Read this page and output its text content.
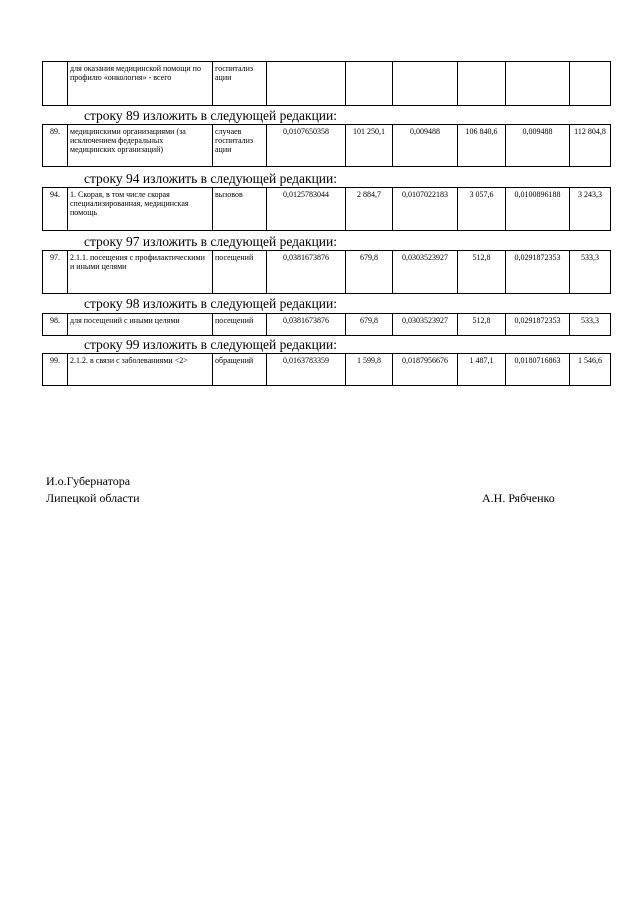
	для оказания медицинской помощи по профилю «онкология» - всего	госпитализ ации						
строку 89 изложить в следующей редакции:
89.	медицинскими организациями (за исключением федеральных медицинских организаций)	случаев госпитализ ации	0,0107650358	101 250,1	0,009488	106 840,6	0,009488	112 804,8
строку 94 изложить в следующей редакции:
94.	1. Скорая, в том числе скорая специализированная, медицинская помощь	вызовов	0,0125783044	2 884,7	0,0107022183	3 057,6	0,0100896188	3 243,3
строку 97 изложить в следующей редакции:
97.	2.1.1. посещения с профилактическими и иными целями	посещений	0,0381673876	679,8	0,0303523927	512,8	0,0291872353	533,3
строку 98 изложить в следующей редакции:
98.	для посещений с иными целями	посещений	0,0381673876	679,8	0,0303523927	512,8	0,0291872353	533,3
строку 99 изложить в следующей редакции:
99.	2.1.2. в связи с заболеваниями <2>	обращений	0,0163783359	1 599,8	0,0187956676	1 487,1	0,0180716863	1 546,6
И.о.Губернатора
Липецкой области	А.Н. Рябченко
